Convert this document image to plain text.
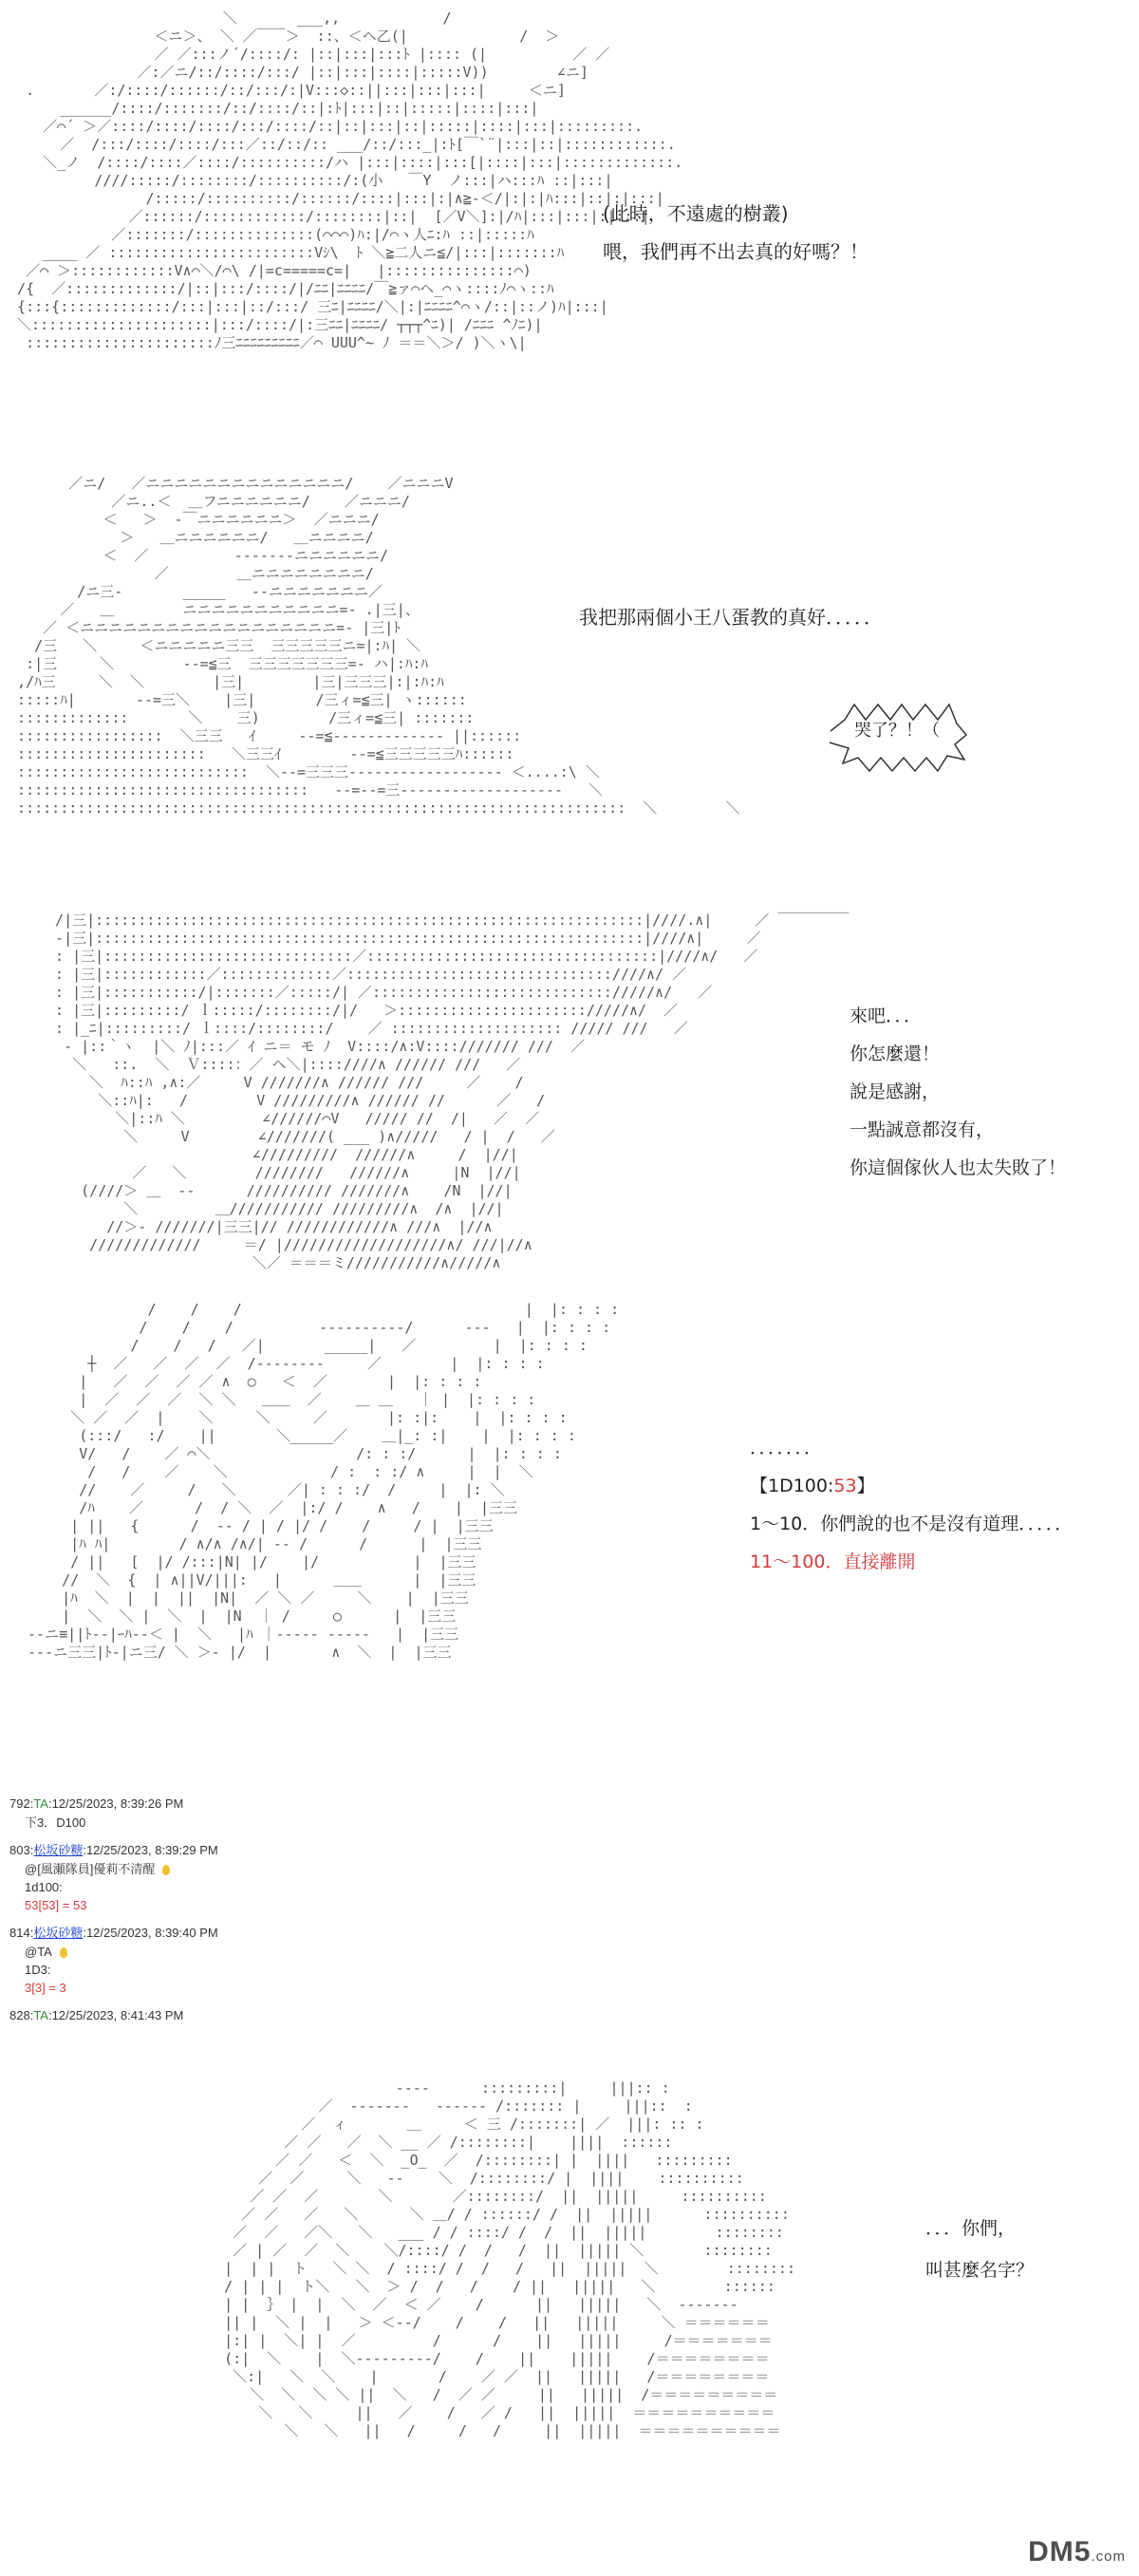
＼       ___,,            /
＜ニ＞、 ＼ ／￣￣＞  ::、＜ヘ乙(|             /  ＞
／ ／:::ノ´/::::/: |::|:::|:::ﾄ |:::: (|          ／ ／
／:／ニ/::/::::/:::/ |::|:::|::::|:::::V))        ∠ニ]
.       ／:/::::/::::::/::/:::/:|V:::◇::||:::|:::|:::|     ＜ニ]
______/::::/:::::::/::/::::/::|:ﾄ|:::|::|:::::|::::|:::|
／⌒´ ＞／::::/::::/::::/:::/::::/::|::|:::|::|:::::|::::|:::|:::::::::.
／  /:::/::::/::::/:::／::/::/:: ___/::/:::_|:ﾄ[￣`¨|:::|::|::::::::::::.
＼_ノ  /::::/::::／::::/::::::::::/ハ |:::|::::|:::[|::::|:::|:::::::::::::.
////:::::/::::::::/::::::::::/:(小   ￣Y  ノ:::|ハ:::ﾊ ::|:::|
/:::::/::::::::::/::::::/::::|:::|:|∧≧-＜/|:|:|ﾊ:::|::|:|:::|
／::::::/::::::::::::/::::::::|::|  [／V＼]:|/ﾊ|:::|:::|:|:::|
／:::::::/::::::::::::::(⌒⌒⌒)ﾊ:|/⌒ヽ人ﾆ:ﾊ ::|:::::ﾊ
____ ／ ::::::::::::::::::::::::Vｼ\  ﾄ ＼≧二人ニ≦/|:::|:::::::ﾊ
／⌒ ＞::::::::::::V∧⌒＼/⌒\ /|=c=====c=|   |:::::::::::::::⌒)
/{  ／:::::::::::::/|::|:::/::::/|/ﾆﾆ|ﾆﾆﾆﾆ/￣≧ァ⌒ヘ_⌒ヽ::::ﾉ⌒ヽ::ﾊ
{:::{:::::::::::::/:::|:::|::/:::/ 三ﾆ|ﾆﾆﾆﾆ/＼|:|ﾆﾆﾆﾆ^⌒ヽ/::|::ノ)ﾊ|:::|
＼:::::::::::::::::::::|:::/::::/|:三ﾆﾆ|ﾆﾆﾆﾆ/ ┬┬┬^ﾆ)| /ﾆﾆﾆ ^ﾉﾆ)|
::::::::::::::::::::::ﾉ三ﾆﾆﾆﾆﾆﾆﾆﾆﾆ／⌒ UUU^~ ﾉ ＝＝＼＞/ )＼ヽ\|
(此時，不遠處的樹叢)
喂，我們再不出去真的好嗎？！
／ニ/   ／ニニニニニニニニニニニニニニ/    ／ニニニV
／ニ..＜  ＿フニニニニニニ/    ／ニニニ/
＜   ＞  ‐￣ニニニニニニ＞  ／ニニニ/
＞   ＿ニニニニニニ/   ＿ニニニニ/
＜  ／          ‐‐‐‐‐‐‐ニニニニニニ/
／        ＿ニニニニニニニニ/
/ニ三‐       _____   ‐‐ニニニニニニニ／
／   ＿        ニニニニニニニニニニニ=‐ .|三|、
／ ＜ニニニニニニニニニニニニニニニニニニ=‐ |三|ﾄ
/三   ＼     ＜ニニニニニ三三  三三三三三ニ=|:ﾊ| ＼
:|三     ＼        ‐‐=≦三  三三三三三三三=‐ ハ|:ﾊ:ﾊ
,/ﾊ三     ＼  ＼        |三|        |三|三三三|:|:ﾊ:ﾊ
:::::ﾊ|       ‐‐=三＼    |三|       /三ィ=≦三| ヽ::::::
:::::::::::::       ＼    三)        /三ィ=≦三| :::::::
:::::::::::::::::  ＼三三   ｲ     ‐‐=≦‐‐‐‐‐‐‐‐‐‐‐‐‐ ||::::::
::::::::::::::::::::::   ＼三三ｲ        ‐‐=≦三三三三三ﾊ::::::
:::::::::::::::::::::::::::  ＼‐‐=三三三‐‐‐‐‐‐‐‐‐‐‐‐‐‐‐‐‐‐ ＜....:\ ＼
::::::::::::::::::::::::::::::::::   ‐‐=‐‐=三‐‐‐‐‐‐‐‐‐‐‐‐‐‐‐‐‐‐‐   ＼
:::::::::::::::::::::::::::::::::::::::::::::::::::::::::::::::::::::::  ＼        ＼
我把那兩個小王八蛋教的真好．．．．．
哭了？！（
/|三|::::::::::::::::::::::::::::::::::::::::::::::::::::::::::::::::|////.∧|     ／ ￣￣￣￣￣
‐|三|::::::::::::::::::::::::::::::::::::::::::::::::::::::::::::::::|////∧|     ／
: |三|:::::::::::::::::::::::::::::／::::::::::::::::::::::::::::::::::|////∧/   ／
: |三|::::::::::::／:::::::::::::／:::::::::::::::::::::::::::::::////∧/ ／
: |三|:::::::::::/|:::::::／:::::/| ／:::::::::::::::::::::::::::://///∧/   ／
: |三|:::::::::/ ｌ:::::/::::::::/|/   ＞:::::::::::::::::::::://///∧/  ／
: |_ﾆ|:::::::::/ ｌ::::/::::::::/    ／ :::::::::::::::::::: ///// ///   ／
‐ |::｀ヽ  |＼ ﾉ|:::／ ｲ ニ＝ モ ﾉ  V::::/∧:V:::://///// ///  ／
＼   ::.  ＼  Ｖ::::：／ ヘ＼|::::////∧ ////// ///   ／
＼  ﾊ::ﾊ ,∧:／     V ///////∧ ////// ///     ／    /
＼::ﾊ|:   /        V /////////∧ ////// //      ／   /
＼|::ﾊ ＼         ∠//////⌒V   ///// //  /|   ／  ／
＼     V        ∠///////( ___ )∧/////   / |  /   ／
∠/////////  //////∧     /  |//|
／   ＼        ////////   //////∧     |N  |//|
(////＞ ＿  ‐‐      ////////// ///////∧    /N  |//|
＼         ＿/////////// /////////∧  /∧  |//|
//＞‐ ///////|三三|// ////////////∧ ///∧  |//∧
/////////////     ＝/ |///////////////////∧/ ///|//∧
＼／ ＝＝＝ミ///////////∧/////∧
來吧．．．
你怎麼還！
說是感謝，
一點誠意都沒有，
你這個傢伙人也太失敗了！
/    /    /                                 |  |: : : :
/    /    /          ‐‐‐‐‐‐‐‐‐‐/      ‐‐‐   |  |: : : :
/    /   /   ／|       _____|   ／         |  |: : : :
┼  ／   ／  ／  ／  /‐‐‐‐‐‐‐‐     ／        |  |: : : :
|   ／  ／  ／ ／ ∧  ○   ＜  ／       |  |: : : :
|  ／  ／  ／  ＼ ＼   ＿＿  ／    ＿ ＿   ｜ |  |: : : :
＼ ／  ／  |    ＼     ＼     ／       |: :|:    |  |: : : :
(:::/   :/    ||       ＼_____／    ＿|_: :|    |  |: : : :
V/   /    ／ ⌒＼                 /: : :/      |  |: : : :
/   /    ／    ＼            / :  : :/ ∧     |  |  ＼
//    ／     /   ＼      ／| : : :/  /     |  |: ＼
/ﾊ    ／      /  / ＼  ／  |:/ /    ∧   /    |  |三三
| ||   {      /  ‐‐ / | / |/ /    /     / |  |三三
|ﾊ ﾊ|        / ∧/∧ /∧/| ‐‐ /      /      |  |三三
/ ||   [  |/ /:::|N| |/    |/           |  |三三
//  ＼  {  | ∧||V/|||:   |      ＿＿      |  |三三
|ﾊ  ＼  |  |  ||  |N|  ／ ＼ ／     ＼    |  |三三
|  ＼  ＼ |  ＼  |  |N  ｜ /     ○      |  |三三
‐‐ニ≡||ﾄ‐‐|ｰﾊ‐‐＜ |  ＼   |ﾊ ｜‐‐‐‐‐ ‐‐‐‐‐   |  |三三
‐‐‐ニ三三|ﾄ‐|ニ三/ ＼ ＞‐ |/  |       ∧  ＼  |  |三三
．．．．．．．
【1D100:53】
1～10．你們說的也不是沒有道理．．．．．
11～100．直接離開
792:TA:12/25/2023, 8:39:26 PM
下3．D100
803:松坂砂糖:12/25/2023, 8:39:29 PM
@[風瀬隊員]優莉不清醒
1d100:
53[53] = 53
814:松坂砂糖:12/25/2023, 8:39:40 PM
@TA
1D3:
3[3] = 3
828:TA:12/25/2023, 8:41:43 PM
‐‐‐‐      :::::::::|     |||:: :
／  ‐‐‐‐‐‐‐   ‐‐‐‐‐‐ /::::::: |     |||::  :
／  ィ       ＿     ＜ 三 /:::::::| ／  |||: :: :
／ ／   ／  ＼ __ ／ /::::::::|    ||||  ::::::
／ ／   ＜  ＼  _O_  ／  /::::::::| |  ||||   :::::::::
／  ／     ＼   ‐‐    ＼  /::::::::/ |  ||||    ::::::::::
／ ／  ／       ＼       ／::::::::/  ||  |||||     ::::::::::
／ ／   ／   ＼      ＼ ＿/ / ::::::/ /  ||  |||||      ::::::::::
／  ／   ／＼   ＼   ___ / / ::::/ /  /  ||  |||||        ::::::::
／ | ／  ／  ＼    ＼/::::/ /  /   /  ||  ||||| ＼       ::::::::
|  | |  ト   ＼ ＼  / ::::/ /  /   /   ||  |||||  ＼        ::::::::
/ | | |  ト＼   ＼  ＞ /  /   /    / ||   |||||   ＼        ::::::
| |  ｝ |  |  ＼  ／  ＜ ／    /      ||   |||||   ＼  ‐‐‐‐‐‐‐
|| |  ＼ |  |   ＞ ＜‐‐/    /    /   ||   |||||     ＼ ＝＝＝＝＝＝
|:| |  ＼| |  ／         /      /    ||   |||||     /＝＝＝＝＝＝＝
(:|  ＼    |  ＼‐‐‐‐‐‐‐‐‐/    /    ||    |||||    /＝＝＝＝＝＝＝＝
＼:|   ＼  ＼    |       /    ／ ／  ||   |||||   /＝＝＝＝＝＝＝＝
＼  ＼  ＼ ＼ ||  ＼   /  ／ ／     ||   |||||  /＝＝＝＝＝＝＝＝＝
＼   ＼     ||   ／    /   ／ /   ||  |||||  ＝＝＝＝＝＝＝＝＝＝
＼   ＼   ||   /     /   /     ||  |||||  ＝＝＝＝＝＝＝＝＝＝
．．．你們，
叫甚麼名字？
DM5.com
